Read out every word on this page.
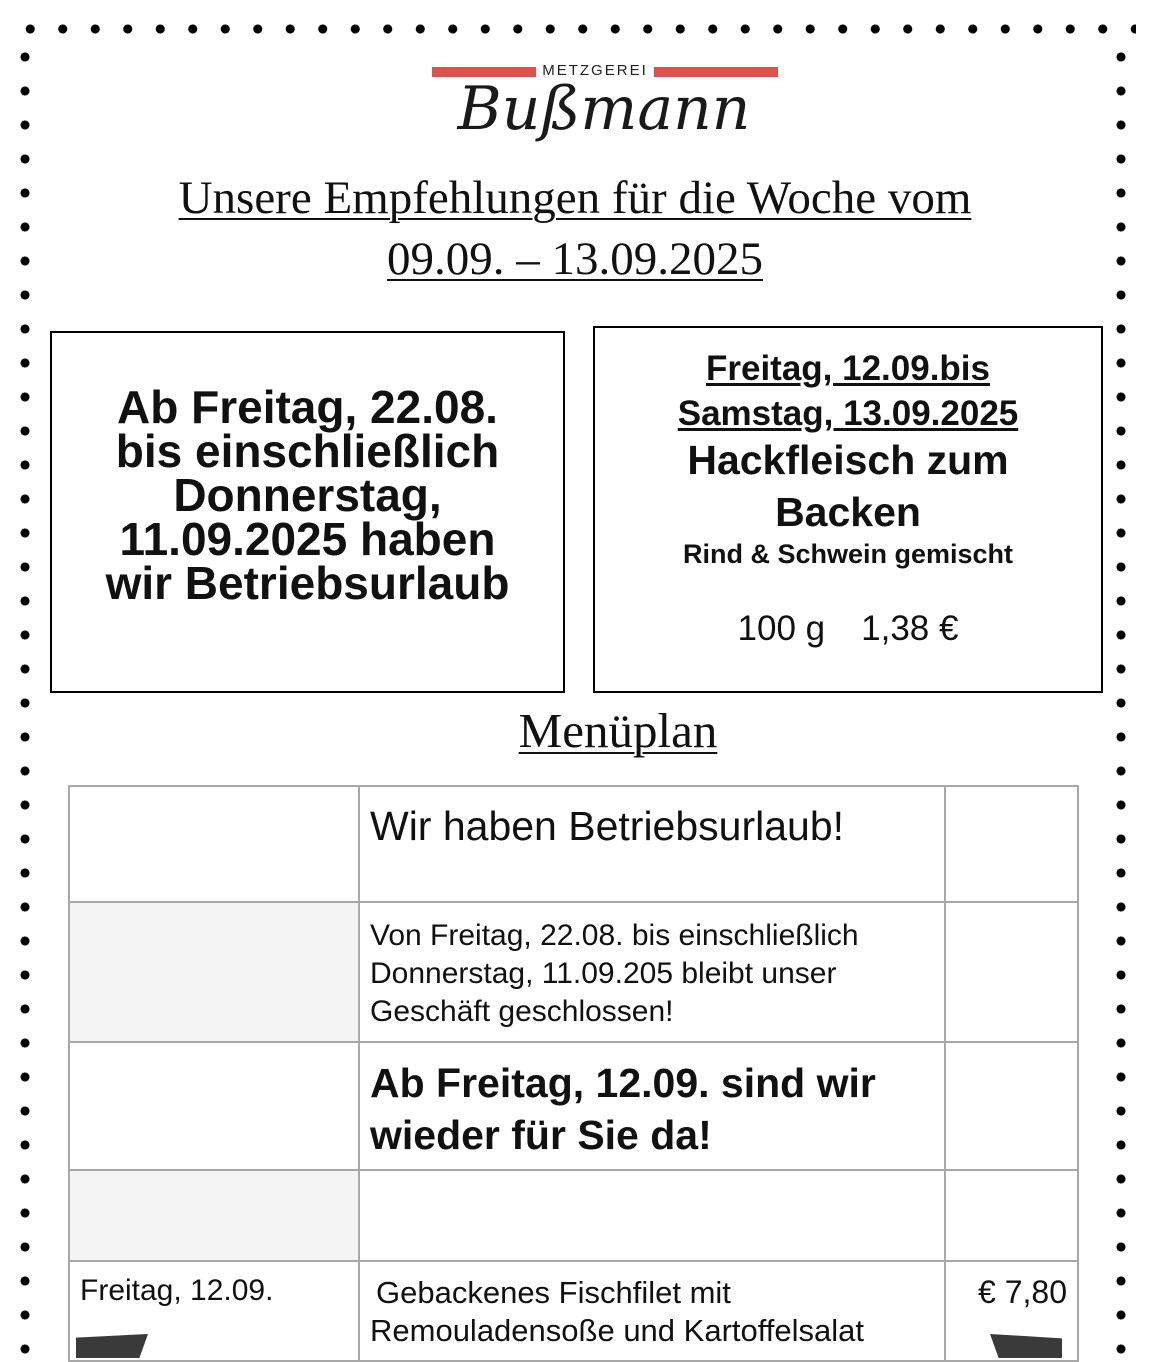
METZGEREI
Bußmann
Unsere Empfehlungen für die Woche vom
09.09. – 13.09.2025
Ab Freitag, 22.08.
bis einschließlich
Donnerstag,
11.09.2025 haben
wir Betriebsurlaub
Freitag, 12.09.bis
Samstag, 13.09.2025
Hackfleisch zum
Backen
Rind & Schwein gemischt
100 g 1,38 €
Menüplan
	Wir haben Betriebsurlaub!	

	Von Freitag, 22.08. bis einschließlich
Donnerstag, 11.09.205 bleibt unser
Geschäft geschlossen!	

	Ab Freitag, 12.09. sind wir
wieder für Sie da!	

Freitag, 12.09.	Gebackenes Fischfilet mit
Remouladensoße und Kartoffelsalat	€ 7,80
